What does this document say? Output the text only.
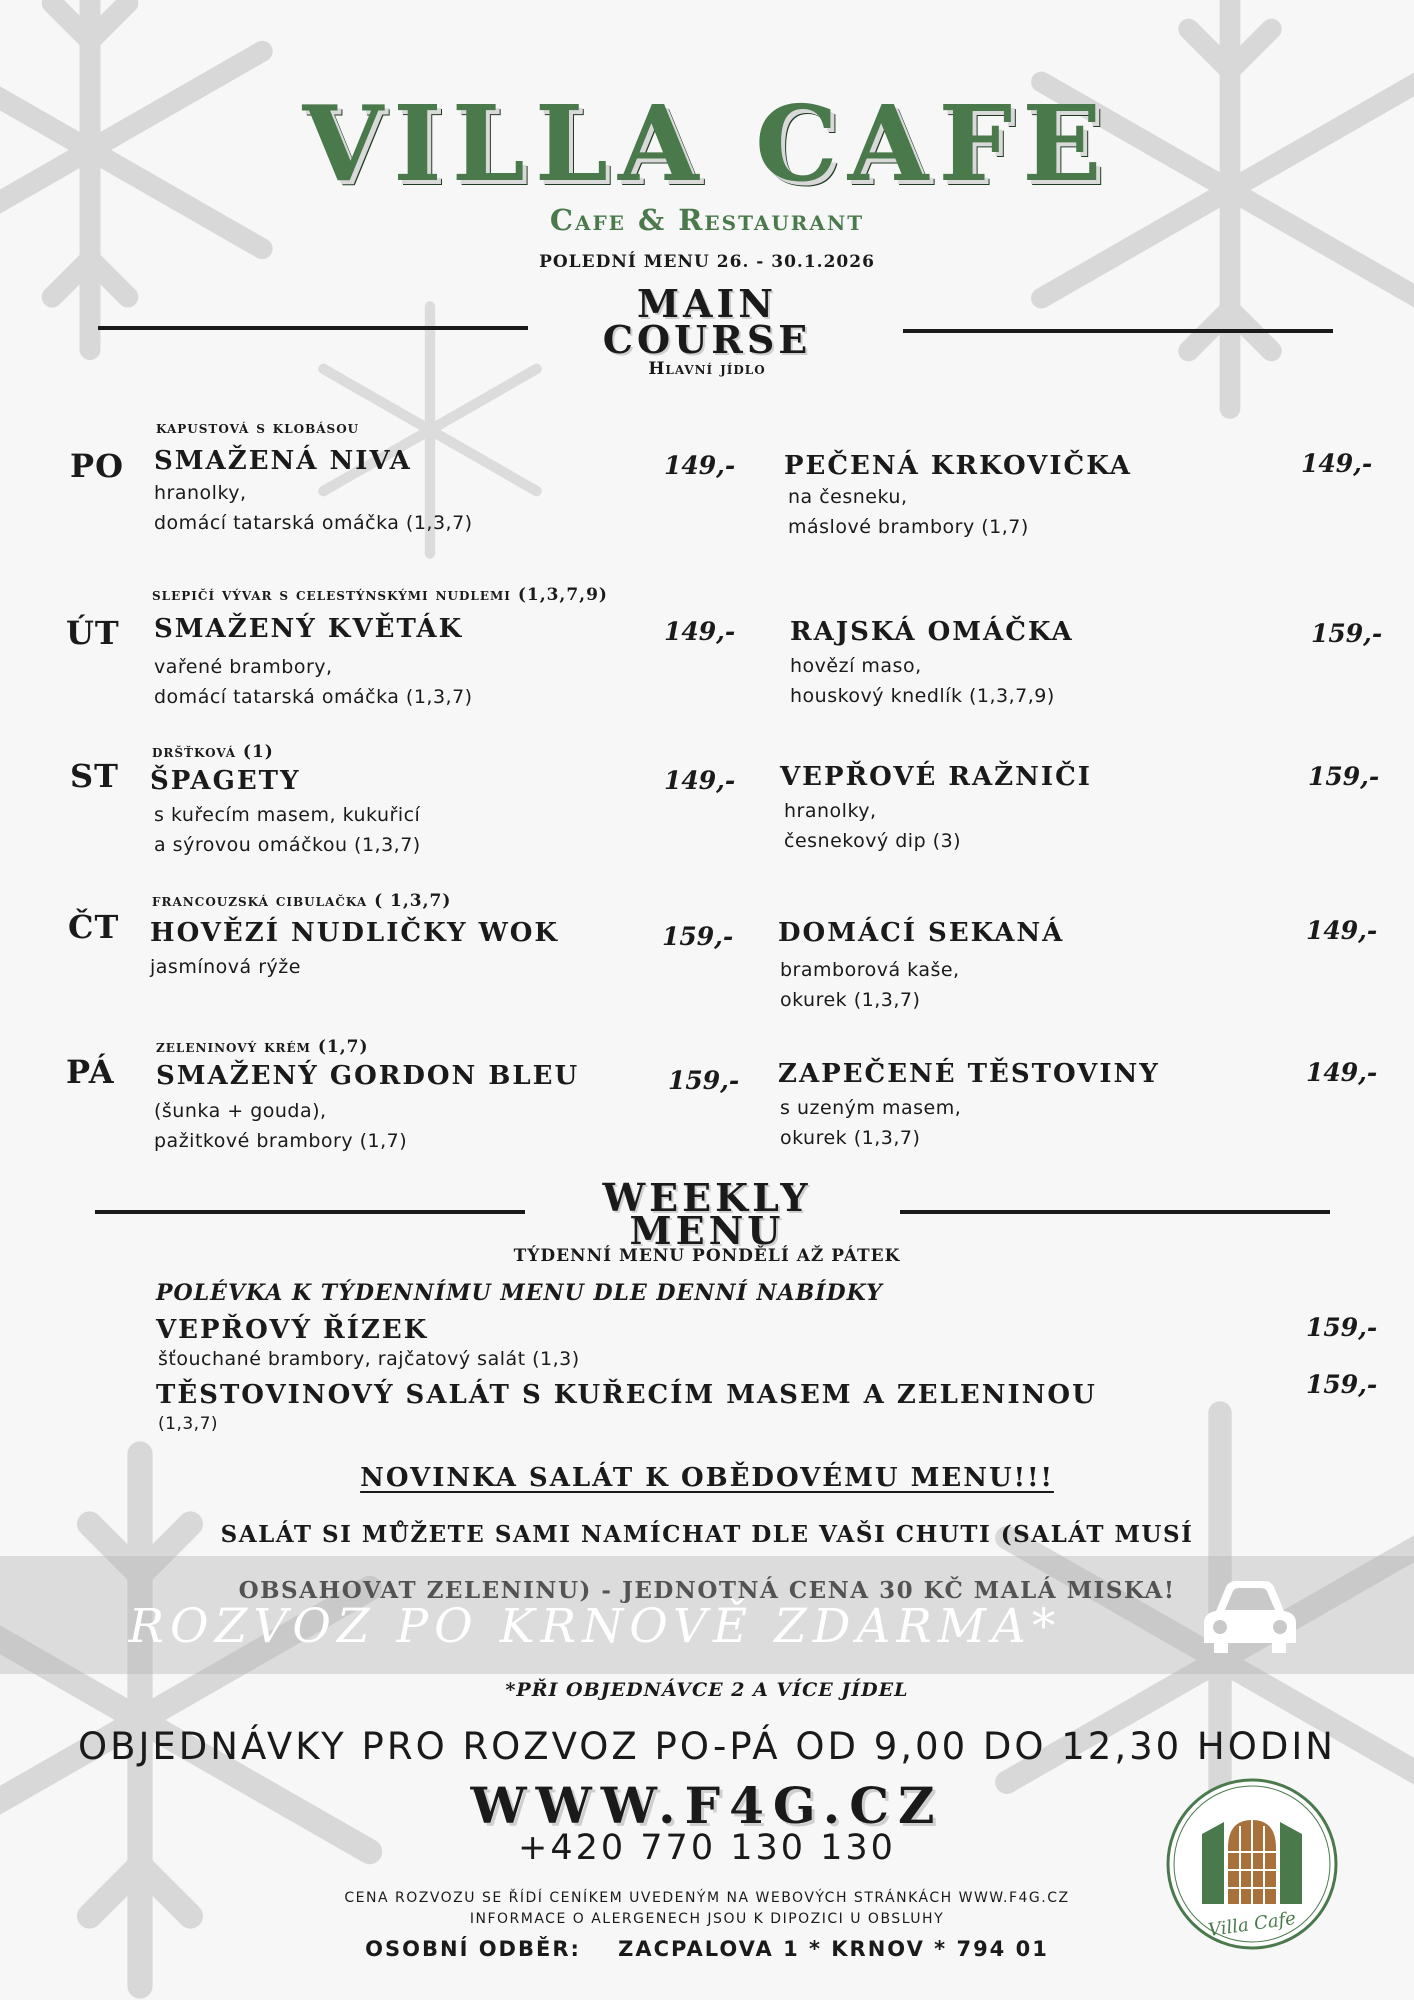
VILLA CAFE
Cafe & Restaurant
POLEDNÍ MENU 26. - 30.1.2026
MAIN
COURSE
Hlavní jídlo
PO
kapustová s klobásou
SMAŽENÁ NIVA
hranolky,
domácí tatarská omáčka (1,3,7)
149,- PEČENÁ KRKOVIČKA
na česneku,
máslové brambory (1,7)
149,-
ÚT
slepičí vývar s celestýnskými nudlemi (1,3,7,9)
SMAŽENÝ KVĚTÁK
vařené brambory,
domácí tatarská omáčka (1,3,7)
149,- RAJSKÁ OMÁČKA
hovězí maso,
houskový knedlík (1,3,7,9)
159,-
ST
dršťková (1)
ŠPAGETY
s kuřecím masem, kukuřicí
a sýrovou omáčkou (1,3,7)
149,- VEPŘOVÉ RAŽNIČI
hranolky,
česnekový dip (3)
159,-
ČT
francouzská cibulačka ( 1,3,7)
HOVĚZÍ NUDLIČKY WOK
jasmínová rýže
159,- DOMÁCÍ SEKANÁ
bramborová kaše,
okurek (1,3,7)
149,-
PÁ
zeleninový krém (1,7)
SMAŽENÝ GORDON BLEU
(šunka + gouda),
pažitkové brambory (1,7)
159,- ZAPEČENÉ TĚSTOVINY
s uzeným masem,
okurek (1,3,7)
149,-
WEEKLY
MENU
TÝDENNÍ MENU PONDĚLÍ AŽ PÁTEK
POLÉVKA K TÝDENNÍMU MENU DLE DENNÍ NABÍDKY
VEPŘOVÝ ŘÍZEK
šťouchané brambory, rajčatový salát (1,3)
159,-
TĚSTOVINOVÝ SALÁT S KUŘECÍM MASEM A ZELENINOU
(1,3,7)
159,-
NOVINKA SALÁT K OBĚDOVÉMU MENU!!!
SALÁT SI MŮŽETE SAMI NAMÍCHAT DLE VAŠI CHUTI (SALÁT MUSÍ OBSAHOVAT ZELENINU) - JEDNOTNÁ CENA 30 KČ MALÁ MISKA!
ROZVOZ PO KRNOVĚ ZDARMA*
*PŘI OBJEDNÁVCE 2 A VÍCE JÍDEL
OBJEDNÁVKY PRO ROZVOZ PO-PÁ OD 9,00 DO 12,30 HODIN
WWW.F4G.CZ
+420 770 130 130
CENA ROZVOZU SE ŘÍDÍ CENÍKEM UVEDENÝM NA WEBOVÝCH STRÁNKÁCH WWW.F4G.CZ
INFORMACE O ALERGENECH JSOU K DIPOZICI U OBSLUHY
OSOBNÍ ODBĚR:    ZACPALOVA 1 * KRNOV * 794 01
Villa Cafe
